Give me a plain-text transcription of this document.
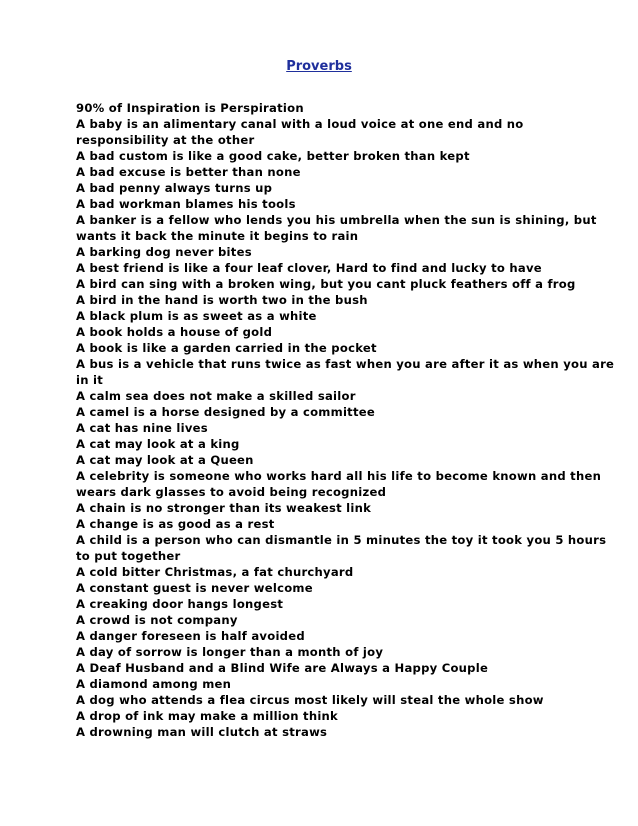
Proverbs
90% of Inspiration is Perspiration
A baby is an alimentary canal with a loud voice at one end and no
responsibility at the other
A bad custom is like a good cake, better broken than kept
A bad excuse is better than none
A bad penny always turns up
A bad workman blames his tools
A banker is a fellow who lends you his umbrella when the sun is shining, but
wants it back the minute it begins to rain
A barking dog never bites
A best friend is like a four leaf clover, Hard to find and lucky to have
A bird can sing with a broken wing, but you cant pluck feathers off a frog
A bird in the hand is worth two in the bush
A black plum is as sweet as a white
A book holds a house of gold
A book is like a garden carried in the pocket
A bus is a vehicle that runs twice as fast when you are after it as when you are
in it
A calm sea does not make a skilled sailor
A camel is a horse designed by a committee
A cat has nine lives
A cat may look at a king
A cat may look at a Queen
A celebrity is someone who works hard all his life to become known and then
wears dark glasses to avoid being recognized
A chain is no stronger than its weakest link
A change is as good as a rest
A child is a person who can dismantle in 5 minutes the toy it took you 5 hours
to put together
A cold bitter Christmas, a fat churchyard
A constant guest is never welcome
A creaking door hangs longest
A crowd is not company
A danger foreseen is half avoided
A day of sorrow is longer than a month of joy
A Deaf Husband and a Blind Wife are Always a Happy Couple
A diamond among men
A dog who attends a flea circus most likely will steal the whole show
A drop of ink may make a million think
A drowning man will clutch at straws
